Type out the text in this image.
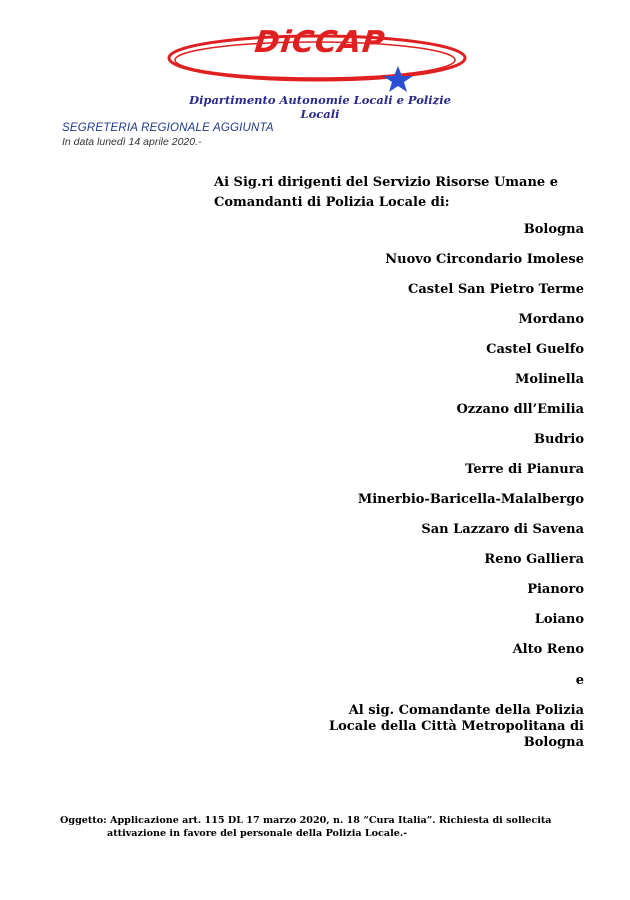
DiCCAP
Dipartimento Autonomie Locali e Polizie Locali
SEGRETERIA REGIONALE AGGIUNTA
In data lunedì 14 aprile 2020.-
Ai Sig.ri dirigenti del Servizio Risorse Umane e
Comandanti di Polizia Locale di:
Bologna
Nuovo Circondario Imolese
Castel San Pietro Terme
Mordano
Castel Guelfo
Molinella
Ozzano dll’Emilia
Budrio
Terre di Pianura
Minerbio-Baricella-Malalbergo
San Lazzaro di Savena
Reno Galliera
Pianoro
Loiano
Alto Reno
e
Al sig. Comandante della Polizia
Locale della Città Metropolitana di
Bologna
Oggetto: Applicazione art. 115 DL 17 marzo 2020, n. 18 “Cura Italia”. Richiesta di sollecita
attivazione in favore del personale della Polizia Locale.-
